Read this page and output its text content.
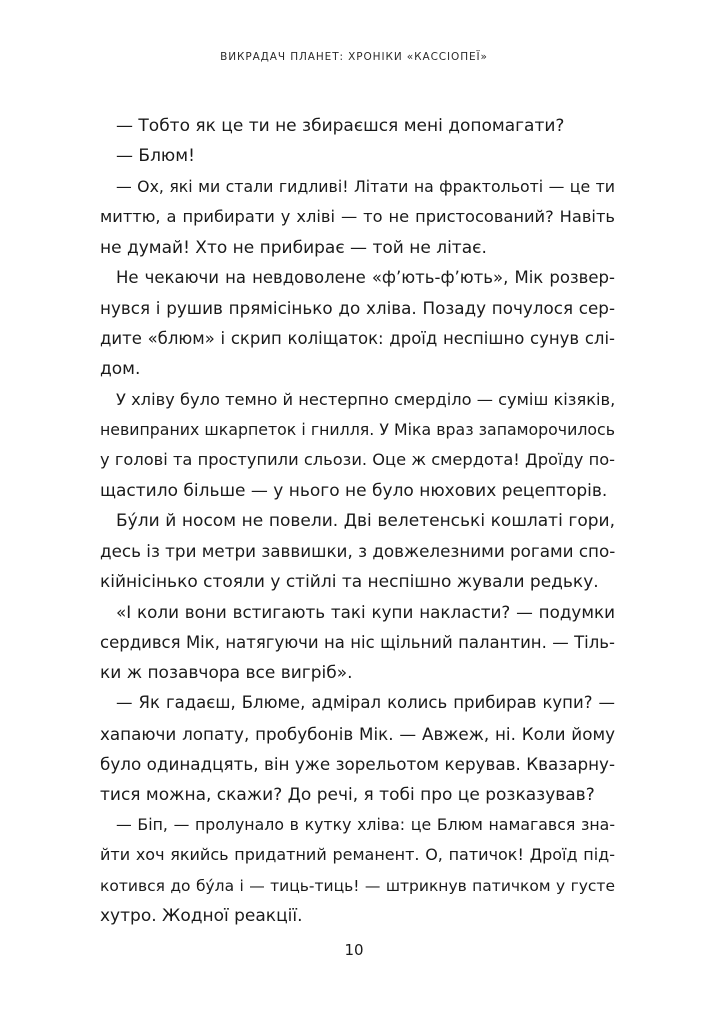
ВИКРАДАЧ ПЛАНЕТ: ХРОНІКИ «КАССІОПЕЇ»
— Тобто як це ти не збираєшся мені допомагати?
— Блюм!
— Ох, які ми стали гидливі! Літати на фрактольоті — це ти
миттю, а прибирати у хліві — то не пристосований? Навіть
не думай! Хто не прибирає — той не літає.
Не чекаючи на невдоволене «фʼють-фʼють», Мік розвер-
нувся і рушив прямісінько до хліва. Позаду почулося сер-
дите «блюм» і скрип коліщаток: дроїд неспішно сунув слі-
дом.
У хліву було темно й нестерпно смерділо — суміш кізяків,
невипраних шкарпеток і гнилля. У Міка враз запаморочилось
у голові та проступили сльози. Оце ж смердота! Дроїду по-
щастило більше — у нього не було нюхових рецепторів.
Бу́ли й носом не повели. Дві велетенські кошлаті гори,
десь із три метри заввишки, з довжелезними рогами спо-
кійнісінько стояли у стійлі та неспішно жували редьку.
«І коли вони встигають такі купи накласти? — подумки
сердився Мік, натягуючи на ніс щільний палантин. — Тіль-
ки ж позавчора все вигріб».
— Як гадаєш, Блюме, адмірал колись прибирав купи? —
хапаючи лопату, пробубонів Мік. — Авжеж, ні. Коли йому
було одинадцять, він уже зорельотом керував. Квазарну-
тися можна, скажи? До речі, я тобі про це розказував?
— Біп, — пролунало в кутку хліва: це Блюм намагався зна-
йти хоч якийсь придатний реманент. О, патичок! Дроїд під-
котився до бу́ла і — тиць-тиць! — штрикнув патичком у густе
хутро. Жодної реакції.
10
